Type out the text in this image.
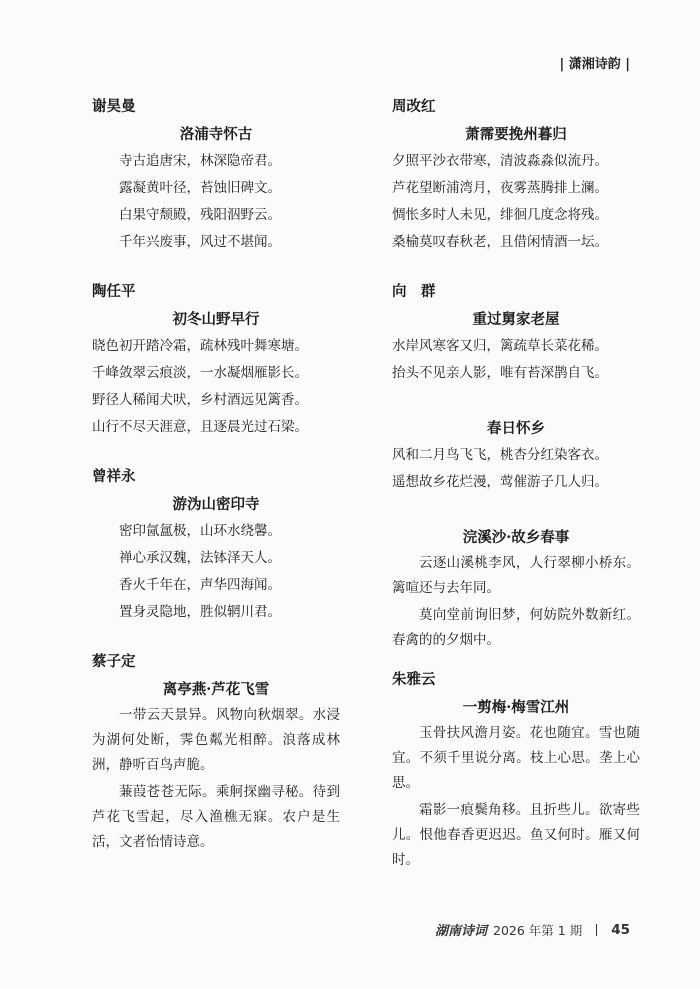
| 潇湘诗韵 |
谢昊曼
洛浦寺怀古
寺古追唐宋，林深隐帝君。
露凝黄叶径，苔蚀旧碑文。
白果守颓殿，残阳泅野云。
千年兴废事，风过不堪闻。
陶任平
初冬山野早行
晓色初开踏冷霜，疏林残叶舞寒塘。
千峰敛翠云痕淡，一水凝烟雁影长。
野径人稀闻犬吠，乡村酒远见篱香。
山行不尽天涯意，且逐晨光过石梁。
曾祥永
游沩山密印寺
密印氤氲极，山环水绕馨。
禅心承汉魏，法钵泽天人。
香火千年在，声华四海闻。
置身灵隐地，胜似辋川君。
蔡子定
离亭燕·芦花飞雪

一带云天景异。风物向秋烟翠。水浸为湖何处断，霁色粼光相醉。浪落成林洲，静听百鸟声脆。

蒹葭苍苍无际。乘舸探幽寻秘。待到芦花飞雪起，尽入渔樵无寐。农户是生活，文者怡情诗意。

周改红
萧霈要挽州暮归
夕照平沙衣带寒，清波淼淼似流丹。
芦花望断浦湾月，夜雾蒸腾排上澜。
惆怅多时人未见，绯徊几度念将残。
桑榆莫叹春秋老，且借闲情酒一坛。
向　群
重过舅家老屋
水岸风寒客又归，篱疏草长菜花稀。
抬头不见亲人影，唯有苔深鹊自飞。
春日怀乡
风和二月鸟飞飞，桃杏分红染客衣。
遥想故乡花烂漫，莺催游子几人归。
浣溪沙·故乡春事

云逐山溪桃李风，人行翠柳小桥东。篱喧还与去年同。

莫向堂前询旧梦，何妨院外数新红。春禽的的夕烟中。

朱雅云
一剪梅·梅雪江州

玉骨扶风澹月姿。花也随宜。雪也随宜。不须千里说分离。枝上心思。垄上心思。

霜影一痕鬓角移。且折些儿。欲寄些儿。恨他春香更迟迟。鱼又何时。雁又何时。

湖南诗词 2026 年第 1 期 45
